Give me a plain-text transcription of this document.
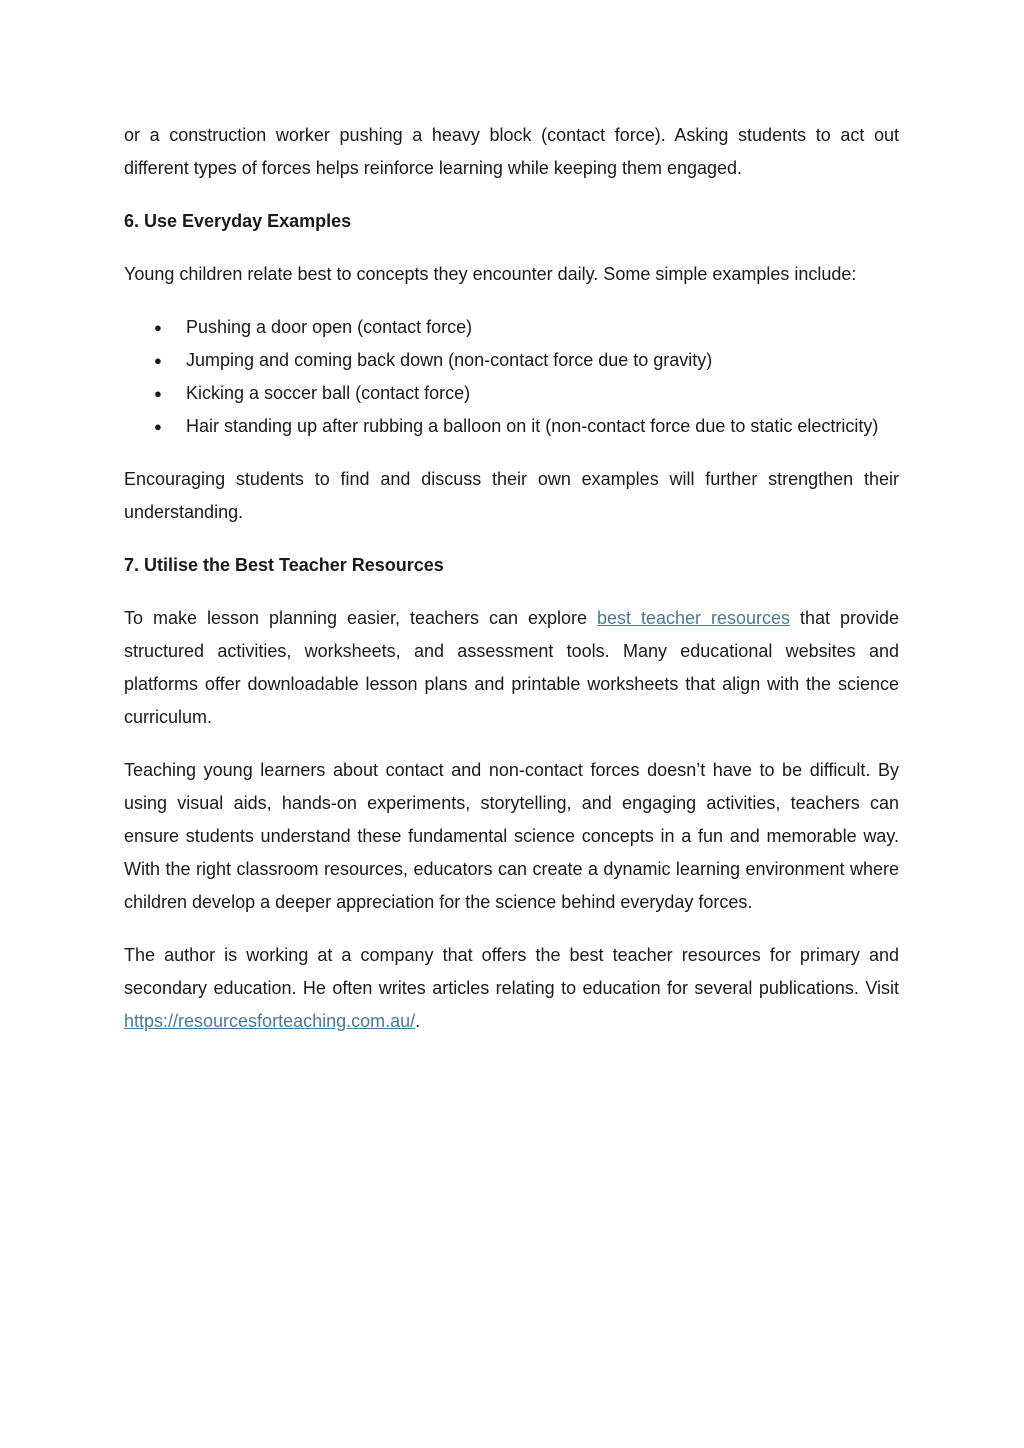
or a construction worker pushing a heavy block (contact force). Asking students to act out different types of forces helps reinforce learning while keeping them engaged.

6. Use Everyday Examples

Young children relate best to concepts they encounter daily. Some simple examples include:

● Pushing a door open (contact force)
● Jumping and coming back down (non-contact force due to gravity)
● Kicking a soccer ball (contact force)
● Hair standing up after rubbing a balloon on it (non-contact force due to static electricity)

Encouraging students to find and discuss their own examples will further strengthen their understanding.

7. Utilise the Best Teacher Resources

To make lesson planning easier, teachers can explore best teacher resources that provide structured activities, worksheets, and assessment tools. Many educational websites and platforms offer downloadable lesson plans and printable worksheets that align with the science curriculum.

Teaching young learners about contact and non-contact forces doesn’t have to be difficult. By using visual aids, hands-on experiments, storytelling, and engaging activities, teachers can ensure students understand these fundamental science concepts in a fun and memorable way. With the right classroom resources, educators can create a dynamic learning environment where children develop a deeper appreciation for the science behind everyday forces.

The author is working at a company that offers the best teacher resources for primary and secondary education. He often writes articles relating to education for several publications. Visit https://resourcesforteaching.com.au/.
